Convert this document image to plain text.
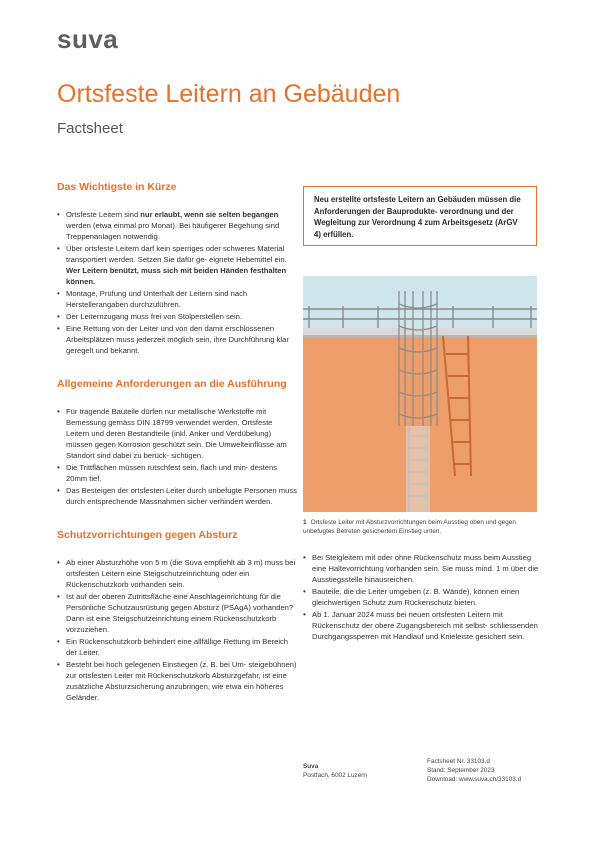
suva
Ortsfeste Leitern an Gebäuden
Factsheet
Das Wichtigste in Kürze
• Ortsfeste Leitern sind nur erlaubt, wenn sie selten begangen werden (etwa einmal pro Monat). Bei häufigerer Begehung sind Treppenanlagen notwendig.
• Über ortsfeste Leitern darf kein sperriges oder schweres Material transportiert werden. Setzen Sie dafür ge- eignete Hebemittel ein. Wer Leitern benützt, muss sich mit beiden Händen festhalten können.
• Montage, Prüfung und Unterhalt der Leitern sind nach Herstellerangaben durchzuführen.
• Der Leiternzugang muss frei von Stolperstellen sein.
• Eine Rettung von der Leiter und von den damit erschlossenen Arbeitsplätzen muss jederzeit möglich sein, ihre Durchführung klar geregelt und bekannt.
Allgemeine Anforderungen an die Ausführung
• Für tragende Bauteile dürfen nur metallische Werkstoffe mit Bemessung gemäss DIN 18799 verwendet werden. Ortsfeste Leitern und deren Bestandteile (inkl. Anker und Verdübelung) müssen gegen Korrosion geschützt sein. Die Umwelteinflüsse am Standort sind dabei zu berück- sichtigen.
• Die Trittflächen müssen rutschfest sein, flach und min- destens 20mm tief.
• Das Besteigen der ortsfesten Leiter durch unbefugte Personen muss durch entsprechende Massnahmen sicher verhindert werden.
Schutzvorrichtungen gegen Absturz
• Ab einer Absturzhöhe von 5 m (die Suva empfiehlt ab 3 m) muss bei ortsfesten Leitern eine Steigschutzeinrichtung oder ein Rückenschutzkorb vorhanden sein.
• Ist auf der oberen Zutrittsfläche eine Anschlageinrichtung für die Persönliche Schutzausrüstung gegen Absturz (PSAgA) vorhanden? Dann ist eine Steigschutzeinrichtung einem Rückenschutzkorb vorzuziehen.
• Ein Rückenschutzkorb behindert eine allfällige Rettung im Bereich der Leiter.
• Besteht bei hoch gelegenen Einstiegen (z. B. bei Um- steigebühnen) zur ortsfesten Leiter mit Rückenschutzkorb Absturzgefahr, ist eine zusätzliche Absturzsicherung anzubringen, wie etwa ein höheres Geländer.
Neu erstellte ortsfeste Leitern an Gebäuden müssen die Anforderungen der Bauprodukte- verordnung und der Wegleitung zur Verordnung 4 zum Arbeitsgesetz (ArGV 4) erfüllen.
1 Ortsfeste Leiter mit Absturzvorrichtungen beim Ausstieg oben und gegen unbefugtes Betreten gesichertem Einstieg unten.
• Bei Steigleitern mit oder ohne Rückenschutz muss beim Ausstieg eine Haltevorrichtung vorhanden sein. Sie muss mind. 1 m über die Ausstiegsstelle hinausreichen.
• Bauteile, die die Leiter umgeben (z. B. Wände), können einen gleichwertigen Schutz zum Rückenschutz bieten.
• Ab 1. Januar 2024 muss bei neuen ortsfesten Leitern mit Rückenschutz der obere Zugangsbereich mit selbst- schliessenden Durchgangssperren mit Handlauf und Knieleiste gesichert sein.
Suva
Postfach, 6002 Luzern
Factsheet Nr. 33103.d
Stand: September 2023
Download: www.suva.ch/33103.d
